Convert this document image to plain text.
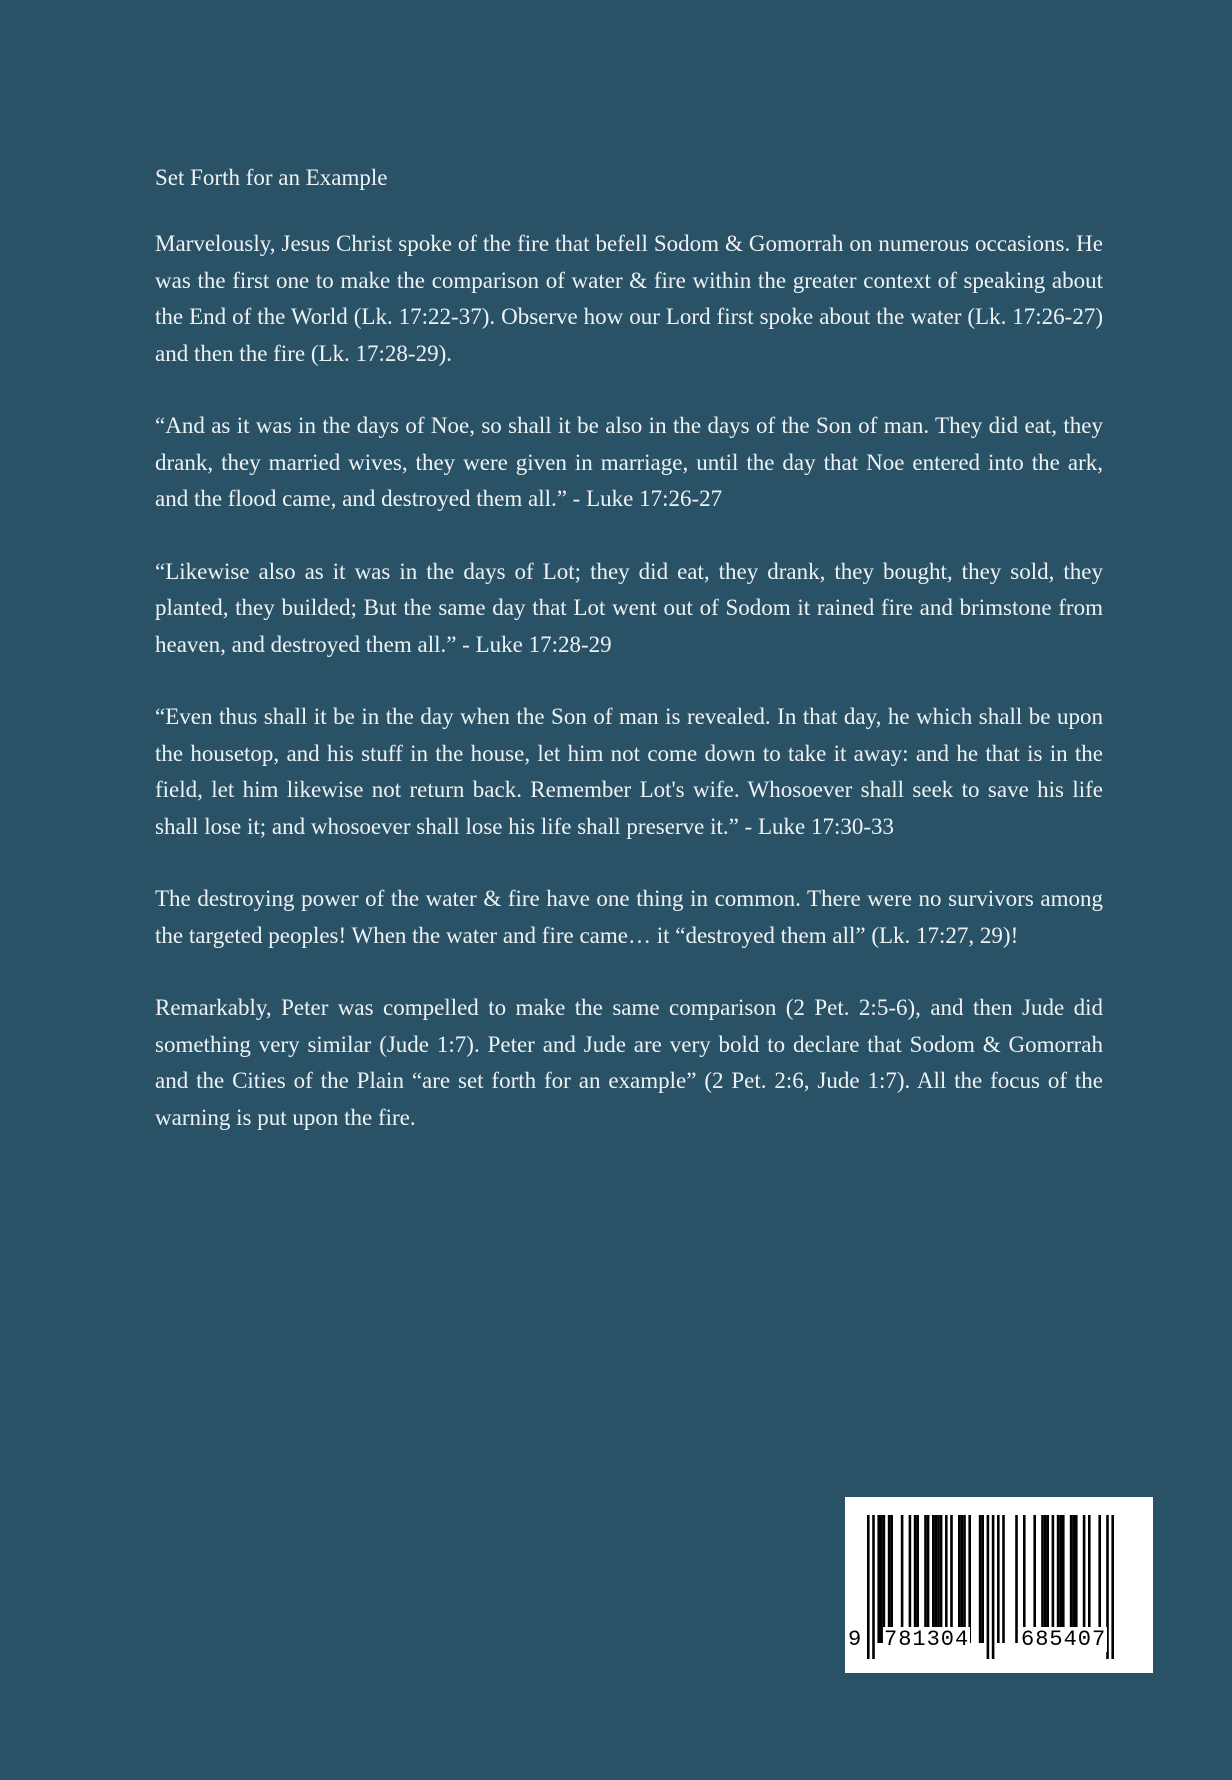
Set Forth for an Example

Marvelously, Jesus Christ spoke of the fire that befell Sodom & Gomorrah on numerous occasions. He was the first one to make the comparison of water & fire within the greater context of speaking about the End of the World (Lk. 17:22-37). Observe how our Lord first spoke about the water (Lk. 17:26-27) and then the fire (Lk. 17:28-29).

“And as it was in the days of Noe, so shall it be also in the days of the Son of man. They did eat, they drank, they married wives, they were given in marriage, until the day that Noe entered into the ark, and the flood came, and destroyed them all.” - Luke 17:26-27

“Likewise also as it was in the days of Lot; they did eat, they drank, they bought, they sold, they planted, they builded; But the same day that Lot went out of Sodom it rained fire and brimstone from heaven, and destroyed them all.” - Luke 17:28-29

“Even thus shall it be in the day when the Son of man is revealed. In that day, he which shall be upon the housetop, and his stuff in the house, let him not come down to take it away: and he that is in the field, let him likewise not return back. Remember Lot's wife. Whosoever shall seek to save his life shall lose it; and whosoever shall lose his life shall preserve it.” - Luke 17:30-33

The destroying power of the water & fire have one thing in common. There were no survivors among the targeted peoples! When the water and fire came… it “destroyed them all” (Lk. 17:27, 29)!

Remarkably, Peter was compelled to make the same comparison (2 Pet. 2:5-6), and then Jude did something very similar (Jude 1:7). Peter and Jude are very bold to declare that Sodom & Gomorrah and the Cities of the Plain “are set forth for an example” (2 Pet. 2:6, Jude 1:7). All the focus of the warning is put upon the fire.

9 781304 685407
